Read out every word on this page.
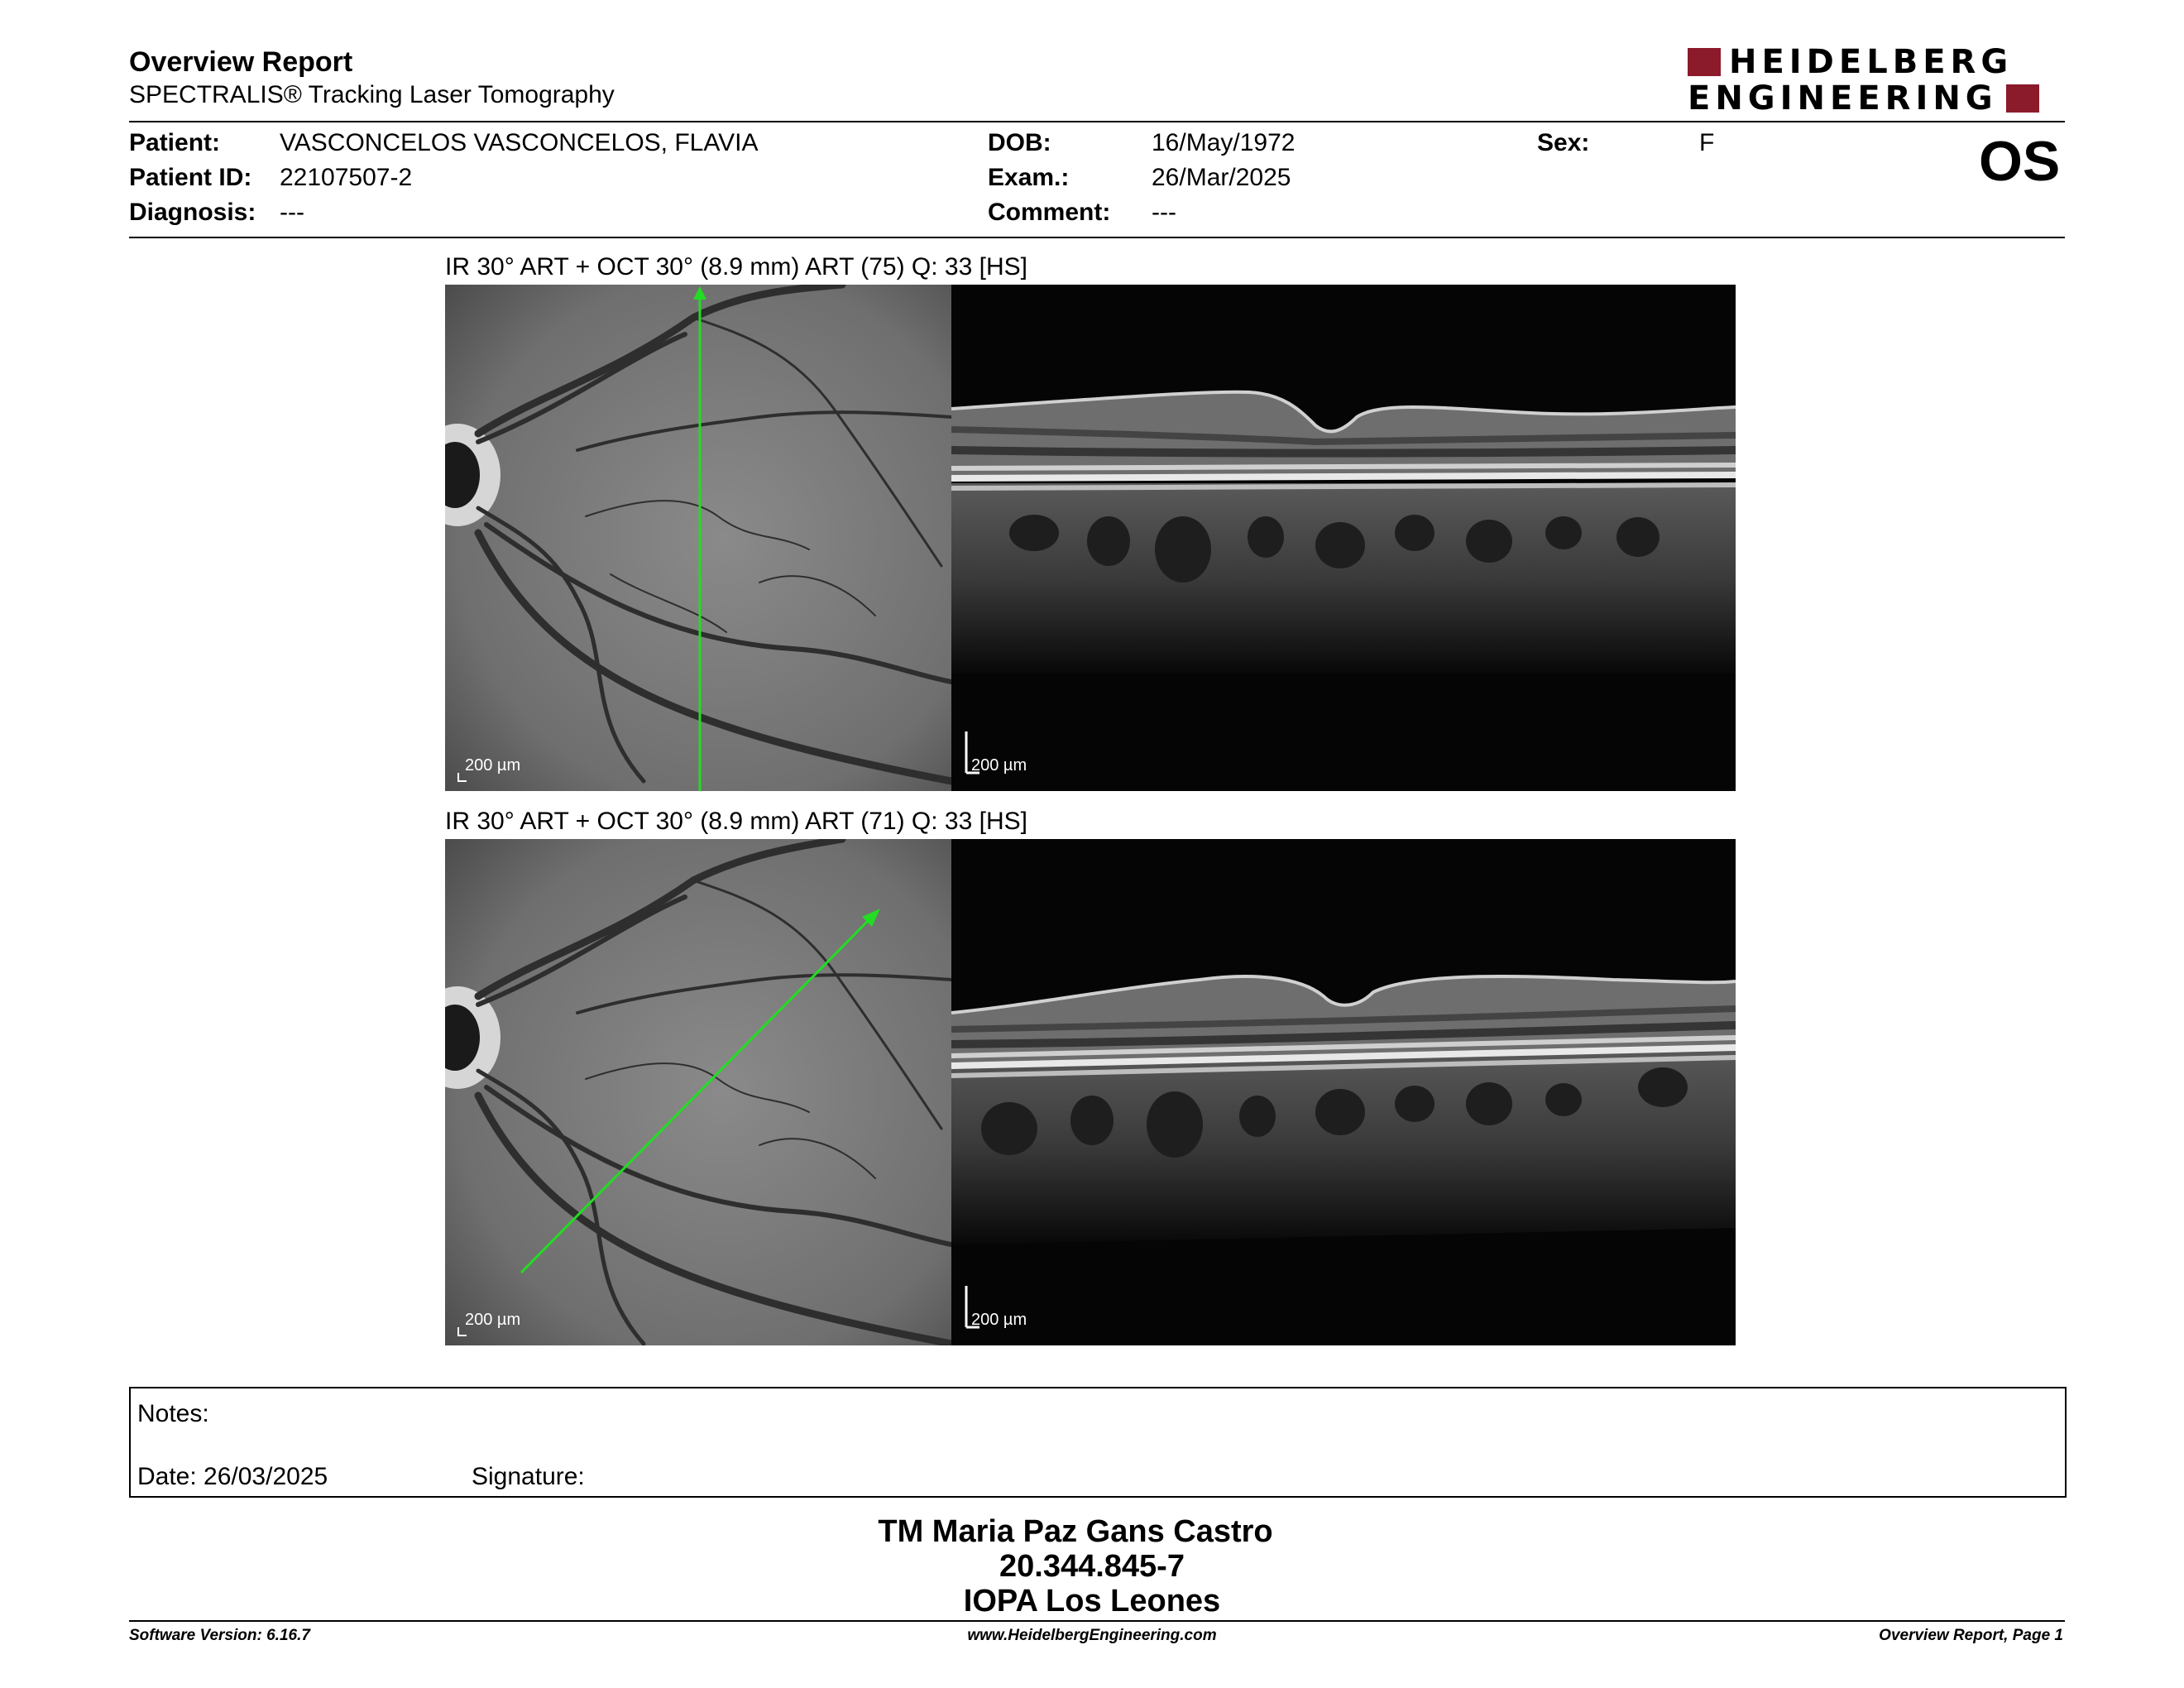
Overview Report
SPECTRALIS® Tracking Laser Tomography
HEIDELBERG
ENGINEERING
Patient: VASCONCELOS VASCONCELOS, FLAVIA
Patient ID: 22107507-2
Diagnosis: ---
DOB:	16/May/1972
Exam.:	26/Mar/2025
Comment: ---
Sex:	F	OS
IR 30° ART + OCT 30° (8.9 mm) ART (75) Q: 33 [HS]
200 µm	200 µm
IR 30° ART + OCT 30° (8.9 mm) ART (71) Q: 33 [HS]
200 µm	200 µm
Notes:
Date: 26/03/2025	Signature:
TM Maria Paz Gans Castro
20.344.845-7
IOPA Los Leones
Software Version: 6.16.7	www.HeidelbergEngineering.com	Overview Report, Page 1
